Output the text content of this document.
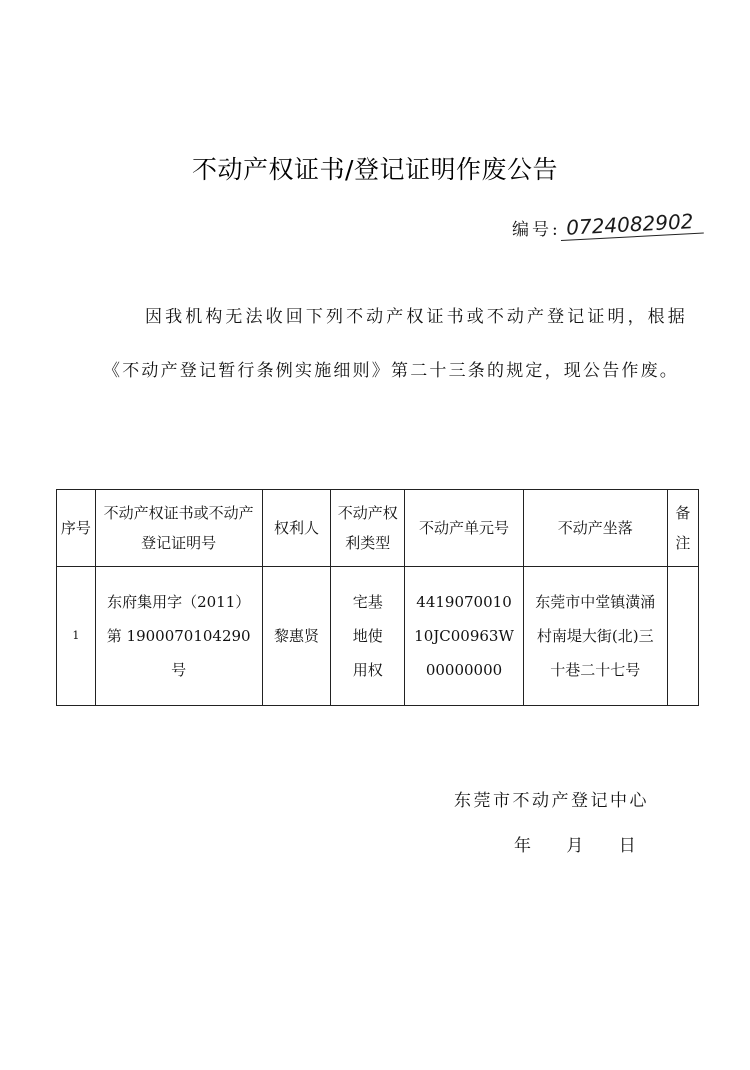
不动产权证书/登记证明作废公告
编号: 0724082902
因我机构无法收回下列不动产权证书或不动产登记证明，根据《不动产登记暂行条例实施细则》第二十三条的规定，现公告作废。
序号	不动产权证书或不动产登记证明号	权利人	不动产权利类型	不动产单元号	不动产坐落	备注
1	东府集用字（2011）第 1900070104290 号	黎惠贤	宅基地使用权	441907001010JC00963W00000000	东莞市中堂镇潢涌村南堤大街(北)三十巷二十七号	
东莞市不动产登记中心
年 月 日
